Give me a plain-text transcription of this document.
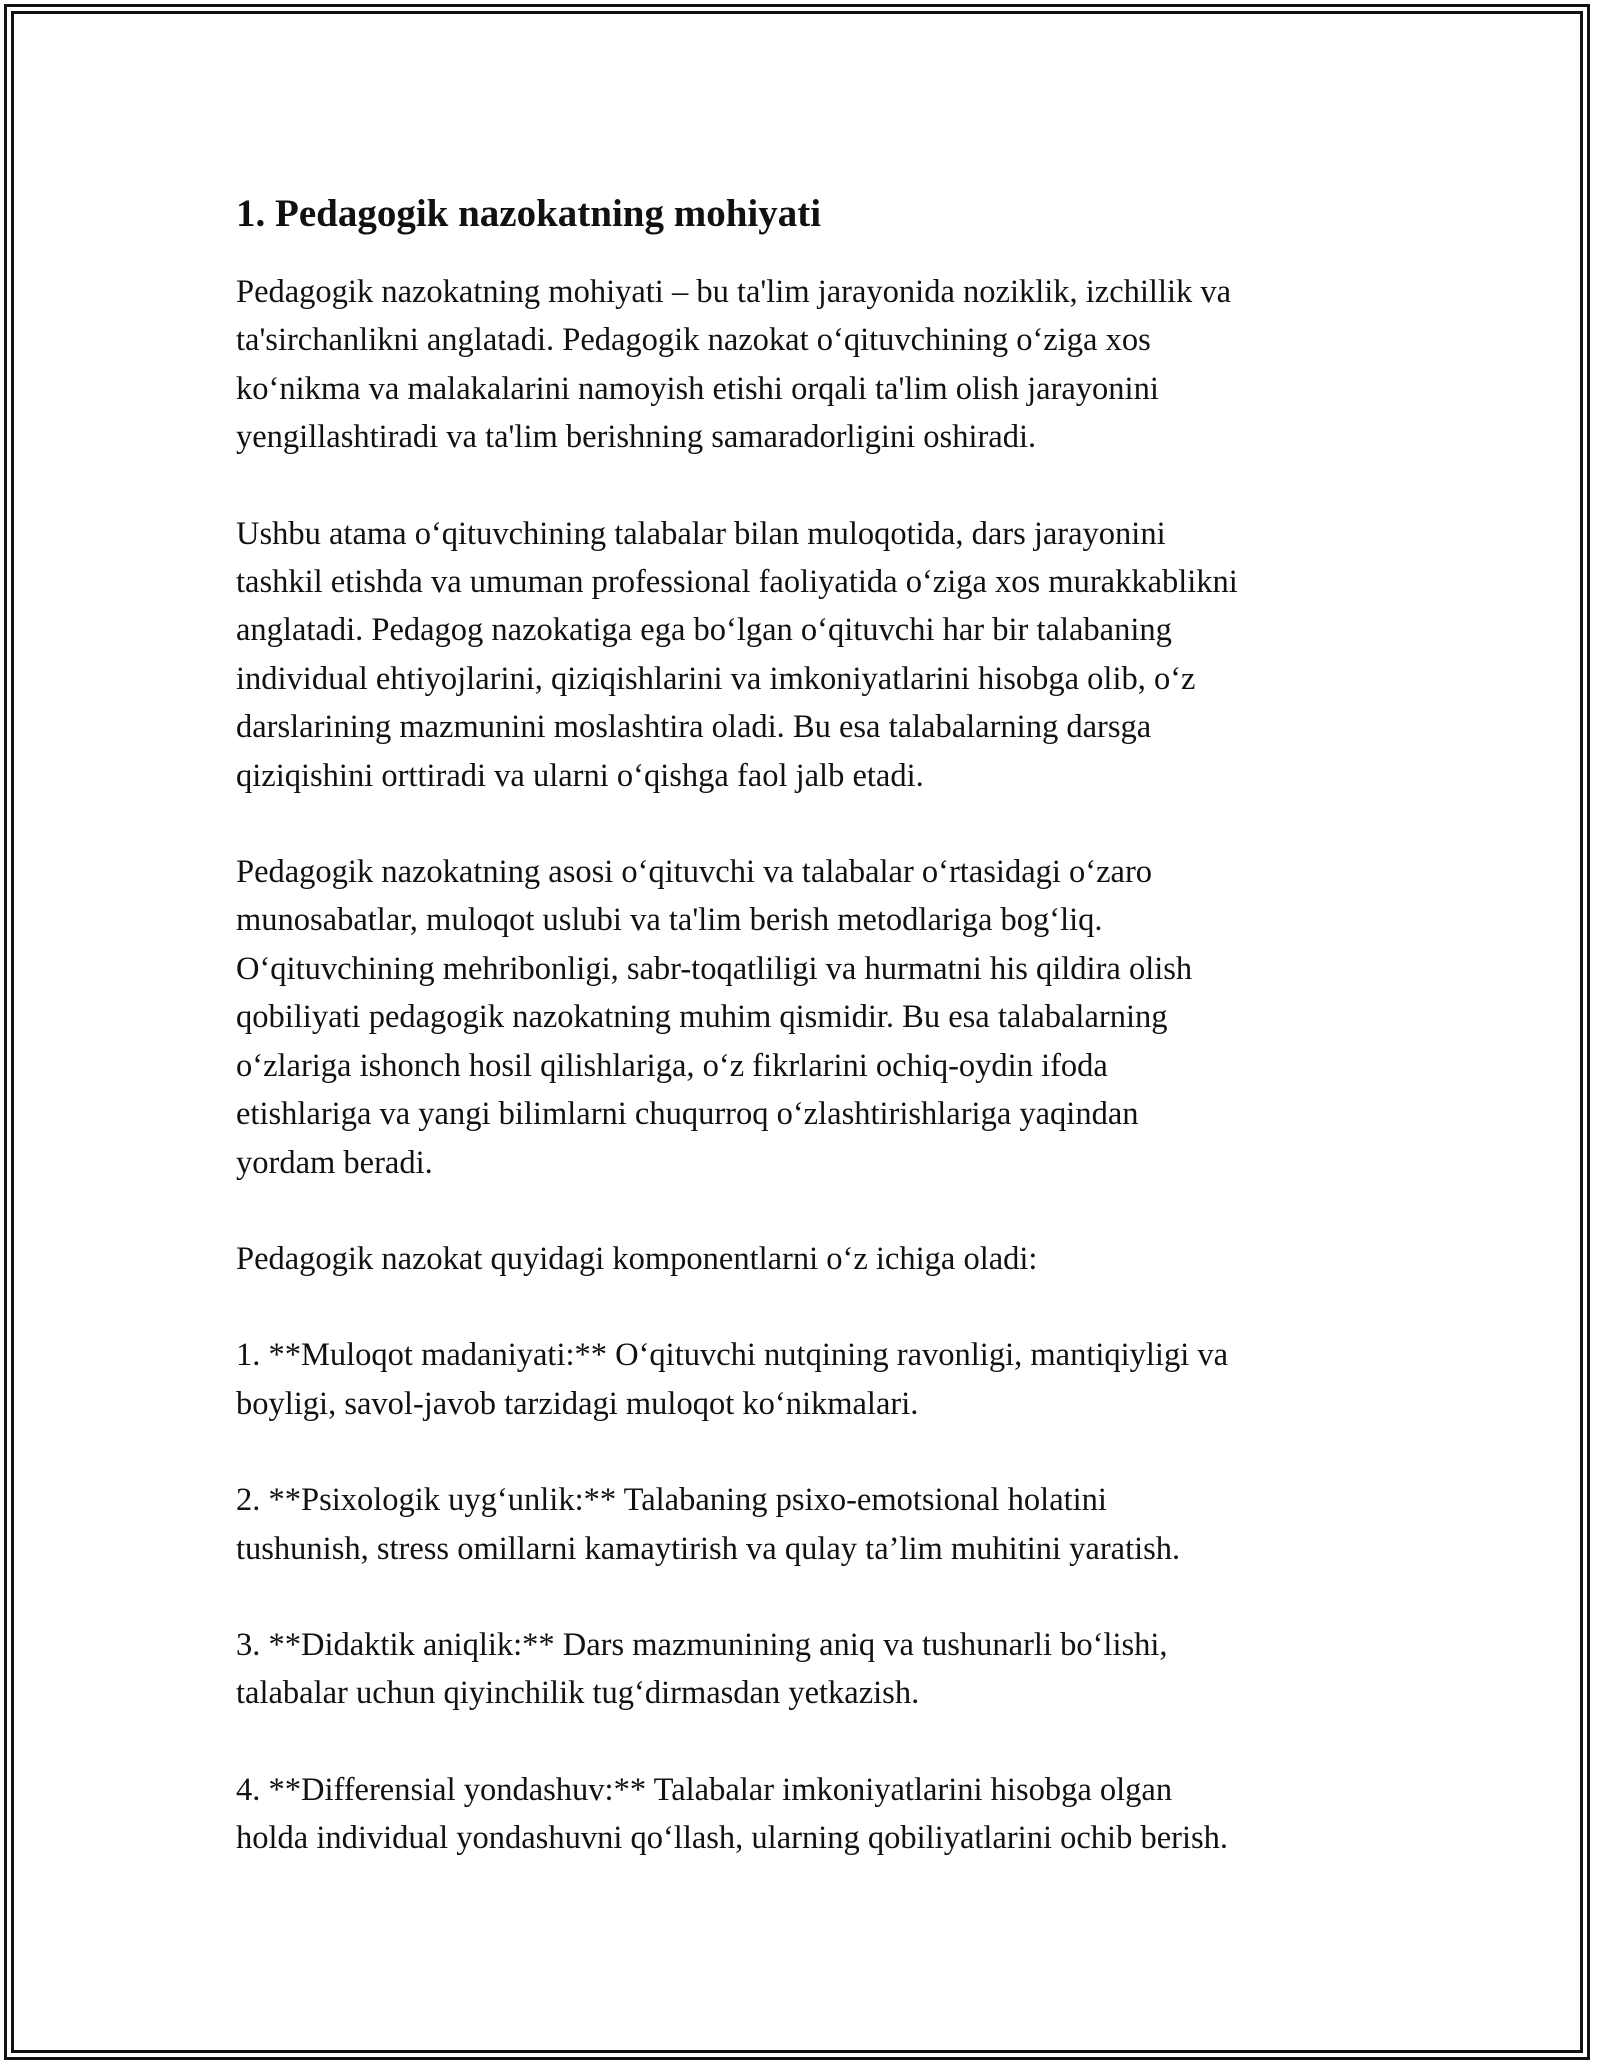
1. Pedagogik nazokatning mohiyati

Pedagogik nazokatning mohiyati – bu ta'lim jarayonida noziklik, izchillik va
ta'sirchanlikni anglatadi. Pedagogik nazokat o‘qituvchining o‘ziga xos
ko‘nikma va malakalarini namoyish etishi orqali ta'lim olish jarayonini
yengillashtiradi va ta'lim berishning samaradorligini oshiradi.

Ushbu atama o‘qituvchining talabalar bilan muloqotida, dars jarayonini
tashkil etishda va umuman professional faoliyatida o‘ziga xos murakkablikni
anglatadi. Pedagog nazokatiga ega bo‘lgan o‘qituvchi har bir talabaning
individual ehtiyojlarini, qiziqishlarini va imkoniyatlarini hisobga olib, o‘z
darslarining mazmunini moslashtira oladi. Bu esa talabalarning darsga
qiziqishini orttiradi va ularni o‘qishga faol jalb etadi.

Pedagogik nazokatning asosi o‘qituvchi va talabalar o‘rtasidagi o‘zaro
munosabatlar, muloqot uslubi va ta'lim berish metodlariga bog‘liq.
O‘qituvchining mehribonligi, sabr-toqatliligi va hurmatni his qildira olish
qobiliyati pedagogik nazokatning muhim qismidir. Bu esa talabalarning
o‘zlariga ishonch hosil qilishlariga, o‘z fikrlarini ochiq-oydin ifoda
etishlariga va yangi bilimlarni chuqurroq o‘zlashtirishlariga yaqindan
yordam beradi.

Pedagogik nazokat quyidagi komponentlarni o‘z ichiga oladi:

1. **Muloqot madaniyati:** O‘qituvchi nutqining ravonligi, mantiqiyligi va
boyligi, savol-javob tarzidagi muloqot ko‘nikmalari.

2. **Psixologik uyg‘unlik:** Talabaning psixo-emotsional holatini
tushunish, stress omillarni kamaytirish va qulay ta’lim muhitini yaratish.

3. **Didaktik aniqlik:** Dars mazmunining aniq va tushunarli bo‘lishi,
talabalar uchun qiyinchilik tug‘dirmasdan yetkazish.

4. **Differensial yondashuv:** Talabalar imkoniyatlarini hisobga olgan
holda individual yondashuvni qo‘llash, ularning qobiliyatlarini ochib berish.
